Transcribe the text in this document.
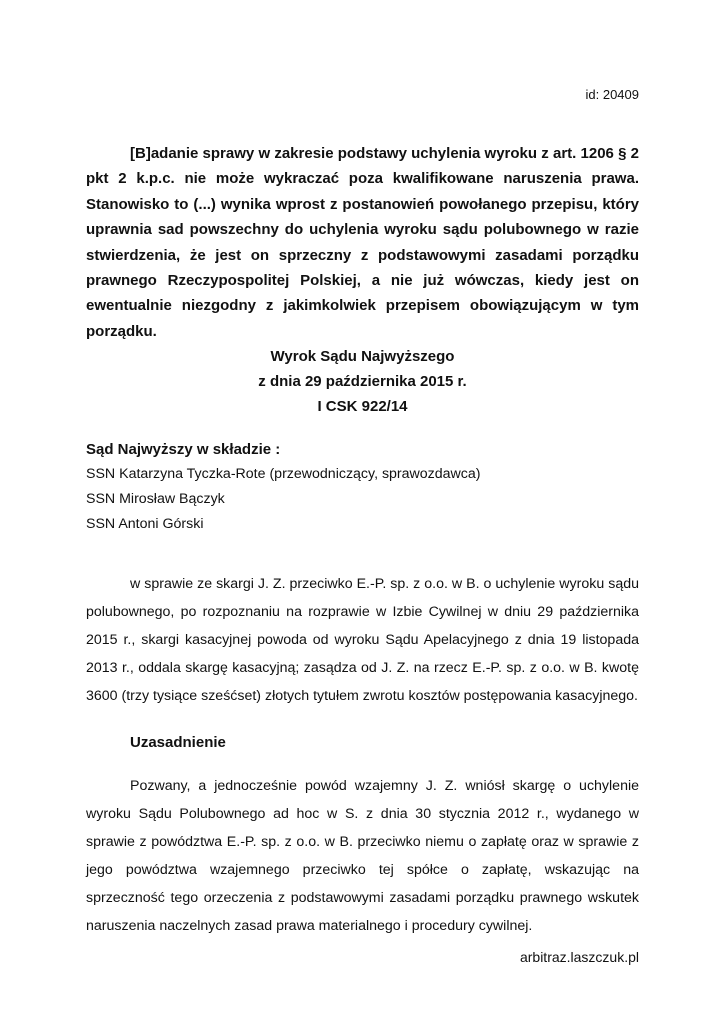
id: 20409

[B]adanie sprawy w zakresie podstawy uchylenia wyroku z art. 1206 § 2 pkt 2 k.p.c. nie może wykraczać poza kwalifikowane naruszenia prawa. Stanowisko to (...) wynika wprost z postanowień powołanego przepisu, który uprawnia sad powszechny do uchylenia wyroku sądu polubownego w razie stwierdzenia, że jest on sprzeczny z podstawowymi zasadami porządku prawnego Rzeczypospolitej Polskiej, a nie już wówczas, kiedy jest on ewentualnie niezgodny z jakimkolwiek przepisem obowiązującym w tym porządku.

Wyrok Sądu Najwyższego
z dnia 29 października 2015 r.
I CSK 922/14
Sąd Najwyższy w składzie :
SSN Katarzyna Tyczka-Rote (przewodniczący, sprawozdawca)
SSN Mirosław Bączyk
SSN Antoni Górski

w sprawie ze skargi J. Z. przeciwko E.-P. sp. z o.o. w B. o uchylenie wyroku sądu polubownego, po rozpoznaniu na rozprawie w Izbie Cywilnej w dniu 29 października 2015 r., skargi kasacyjnej powoda od wyroku Sądu Apelacyjnego z dnia 19 listopada 2013 r., oddala skargę kasacyjną; zasądza od J. Z. na rzecz E.-P. sp. z o.o. w B. kwotę 3600 (trzy tysiące sześćset) złotych tytułem zwrotu kosztów postępowania kasacyjnego.

Uzasadnienie

Pozwany, a jednocześnie powód wzajemny J. Z. wniósł skargę o uchylenie wyroku Sądu Polubownego ad hoc w S. z dnia 30 stycznia 2012 r., wydanego w sprawie z powództwa E.-P. sp. z o.o. w B. przeciwko niemu o zapłatę oraz w sprawie z jego powództwa wzajemnego przeciwko tej spółce o zapłatę, wskazując na sprzeczność tego orzeczenia z podstawowymi zasadami porządku prawnego wskutek naruszenia naczelnych zasad prawa materialnego i procedury cywilnej.

arbitraz.laszczuk.pl
